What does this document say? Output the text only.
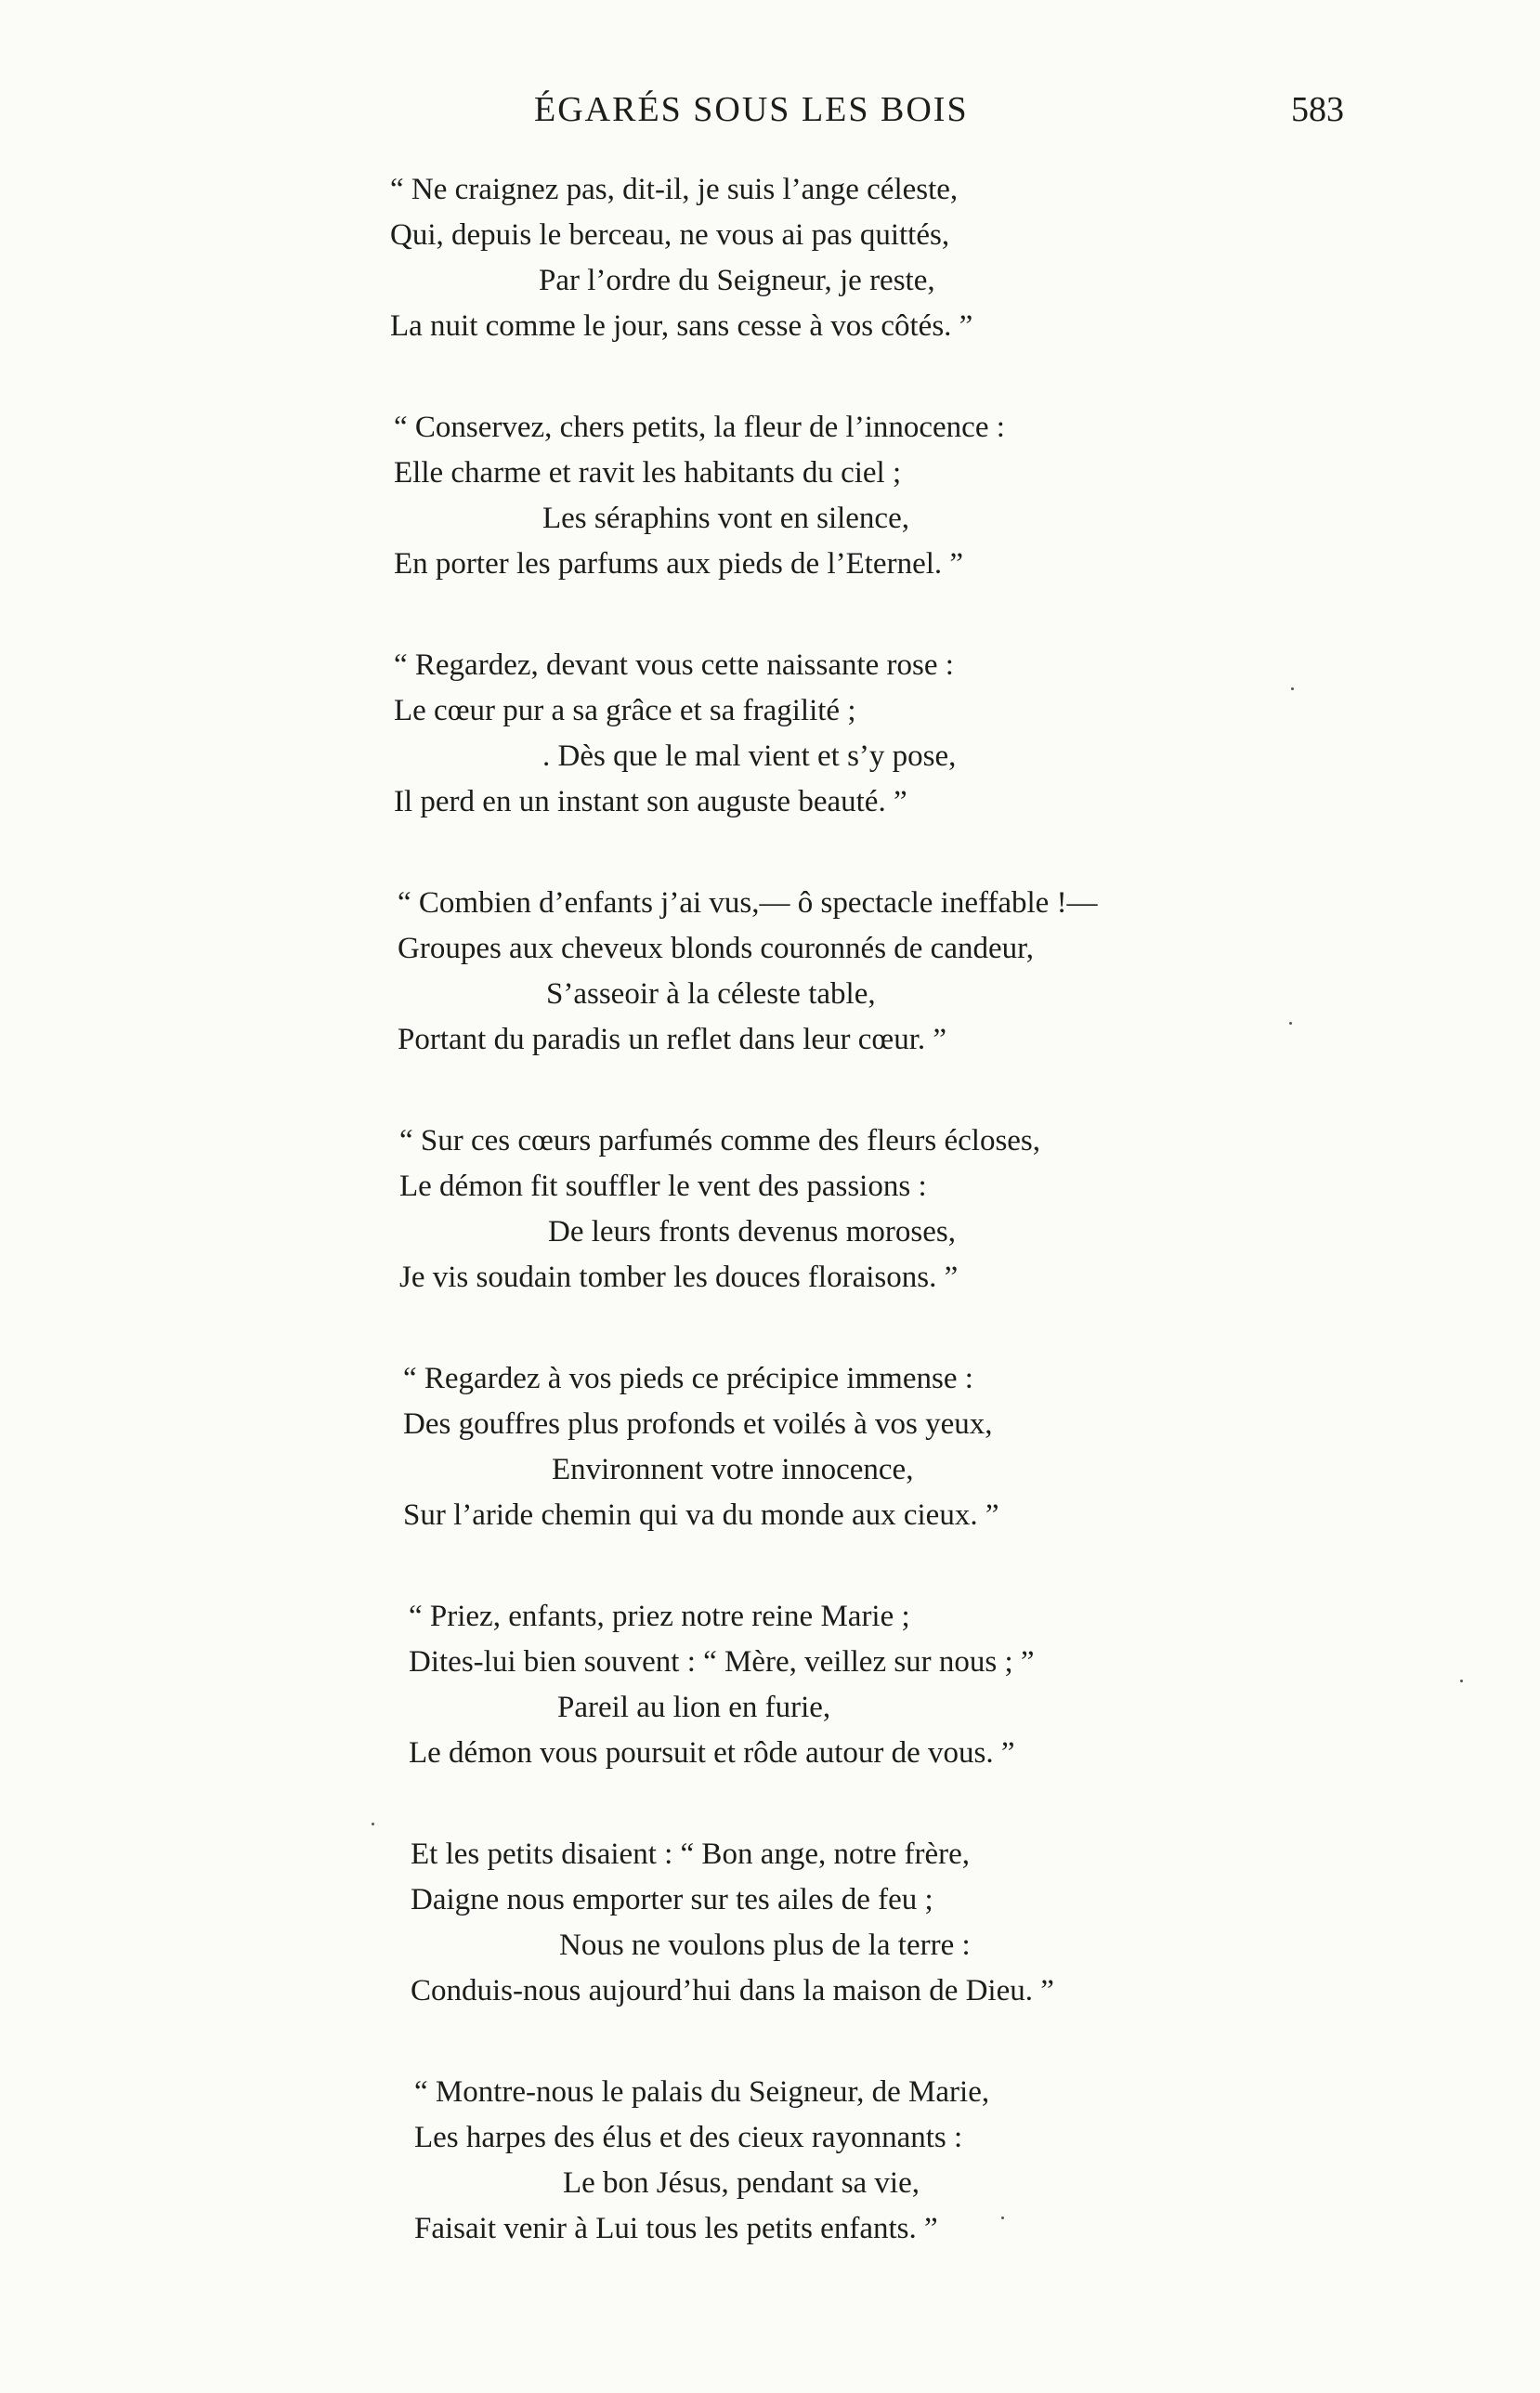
ÉGARÉS SOUS LES BOIS	583
“ Ne craignez pas, dit-il, je suis l’ange céleste,
Qui, depuis le berceau, ne vous ai pas quittés,
Par l’ordre du Seigneur, je reste,
La nuit comme le jour, sans cesse à vos côtés. ”
“ Conservez, chers petits, la fleur de l’innocence :
Elle charme et ravit les habitants du ciel ;
Les séraphins vont en silence,
En porter les parfums aux pieds de l’Eternel. ”
“ Regardez, devant vous cette naissante rose :
Le cœur pur a sa grâce et sa fragilité ;
. Dès que le mal vient et s’y pose,
Il perd en un instant son auguste beauté. ”
“ Combien d’enfants j’ai vus,— ô spectacle ineffable !—
Groupes aux cheveux blonds couronnés de candeur,
S’asseoir à la céleste table,
Portant du paradis un reflet dans leur cœur. ”
“ Sur ces cœurs parfumés comme des fleurs écloses,
Le démon fit souffler le vent des passions :
De leurs fronts devenus moroses,
Je vis soudain tomber les douces floraisons. ”
“ Regardez à vos pieds ce précipice immense :
Des gouffres plus profonds et voilés à vos yeux,
Environnent votre innocence,
Sur l’aride chemin qui va du monde aux cieux. ”
“ Priez, enfants, priez notre reine Marie ;
Dites-lui bien souvent : “ Mère, veillez sur nous ; ”
Pareil au lion en furie,
Le démon vous poursuit et rôde autour de vous. ”
Et les petits disaient : “ Bon ange, notre frère,
Daigne nous emporter sur tes ailes de feu ;
Nous ne voulons plus de la terre :
Conduis-nous aujourd’hui dans la maison de Dieu. ”
“ Montre-nous le palais du Seigneur, de Marie,
Les harpes des élus et des cieux rayonnants :
Le bon Jésus, pendant sa vie,
Faisait venir à Lui tous les petits enfants. ”
